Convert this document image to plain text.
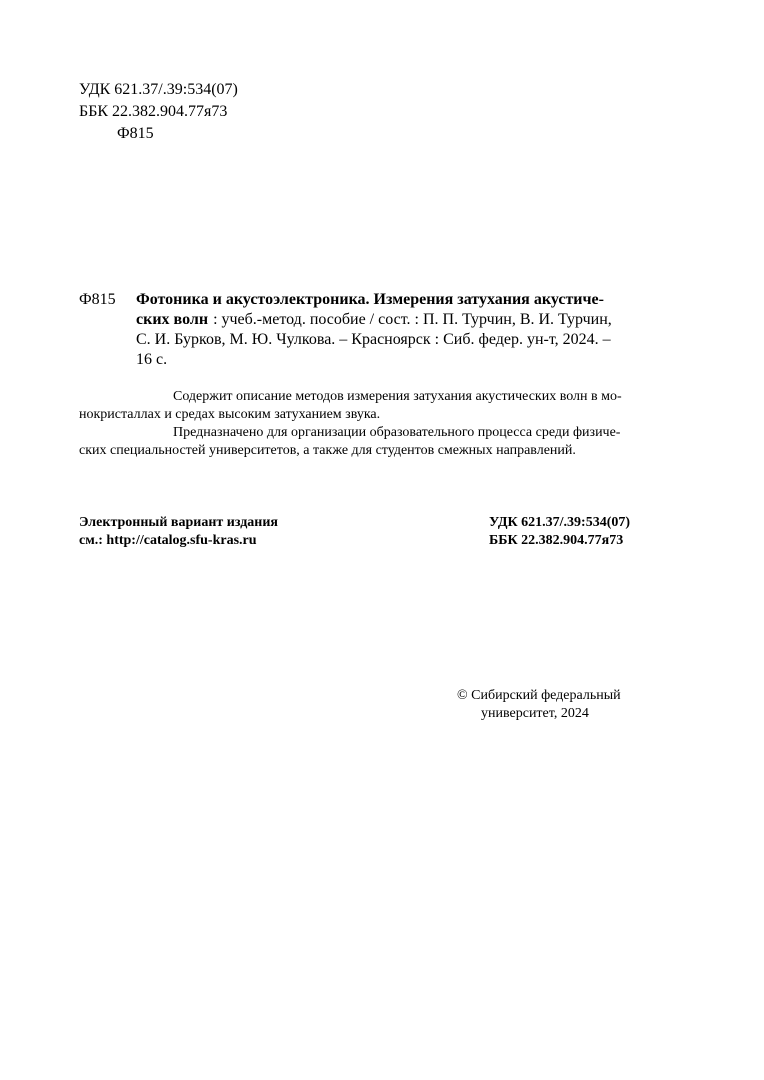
УДК 621.37/.39:534(07)
ББК 22.382.904.77я73
Ф815
Ф815 Фотоника и акустоэлектроника. Измерения затухания акустиче-
ских волн : учеб.-метод. пособие / сост. : П. П. Турчин, В. И. Турчин,
С. И. Бурков, М. Ю. Чулкова. – Красноярск : Сиб. федер. ун-т, 2024. –
16 с.
Содержит описание методов измерения затухания акустических волн в мо-
нокристаллах и средах высоким затуханием звука.
Предназначено для организации образовательного процесса среди физиче-
ских специальностей университетов, а также для студентов смежных направлений.
Электронный вариант издания
см.: http://catalog.sfu-kras.ru
УДК 621.37/.39:534(07)
ББК 22.382.904.77я73
© Сибирский федеральный
университет, 2024
